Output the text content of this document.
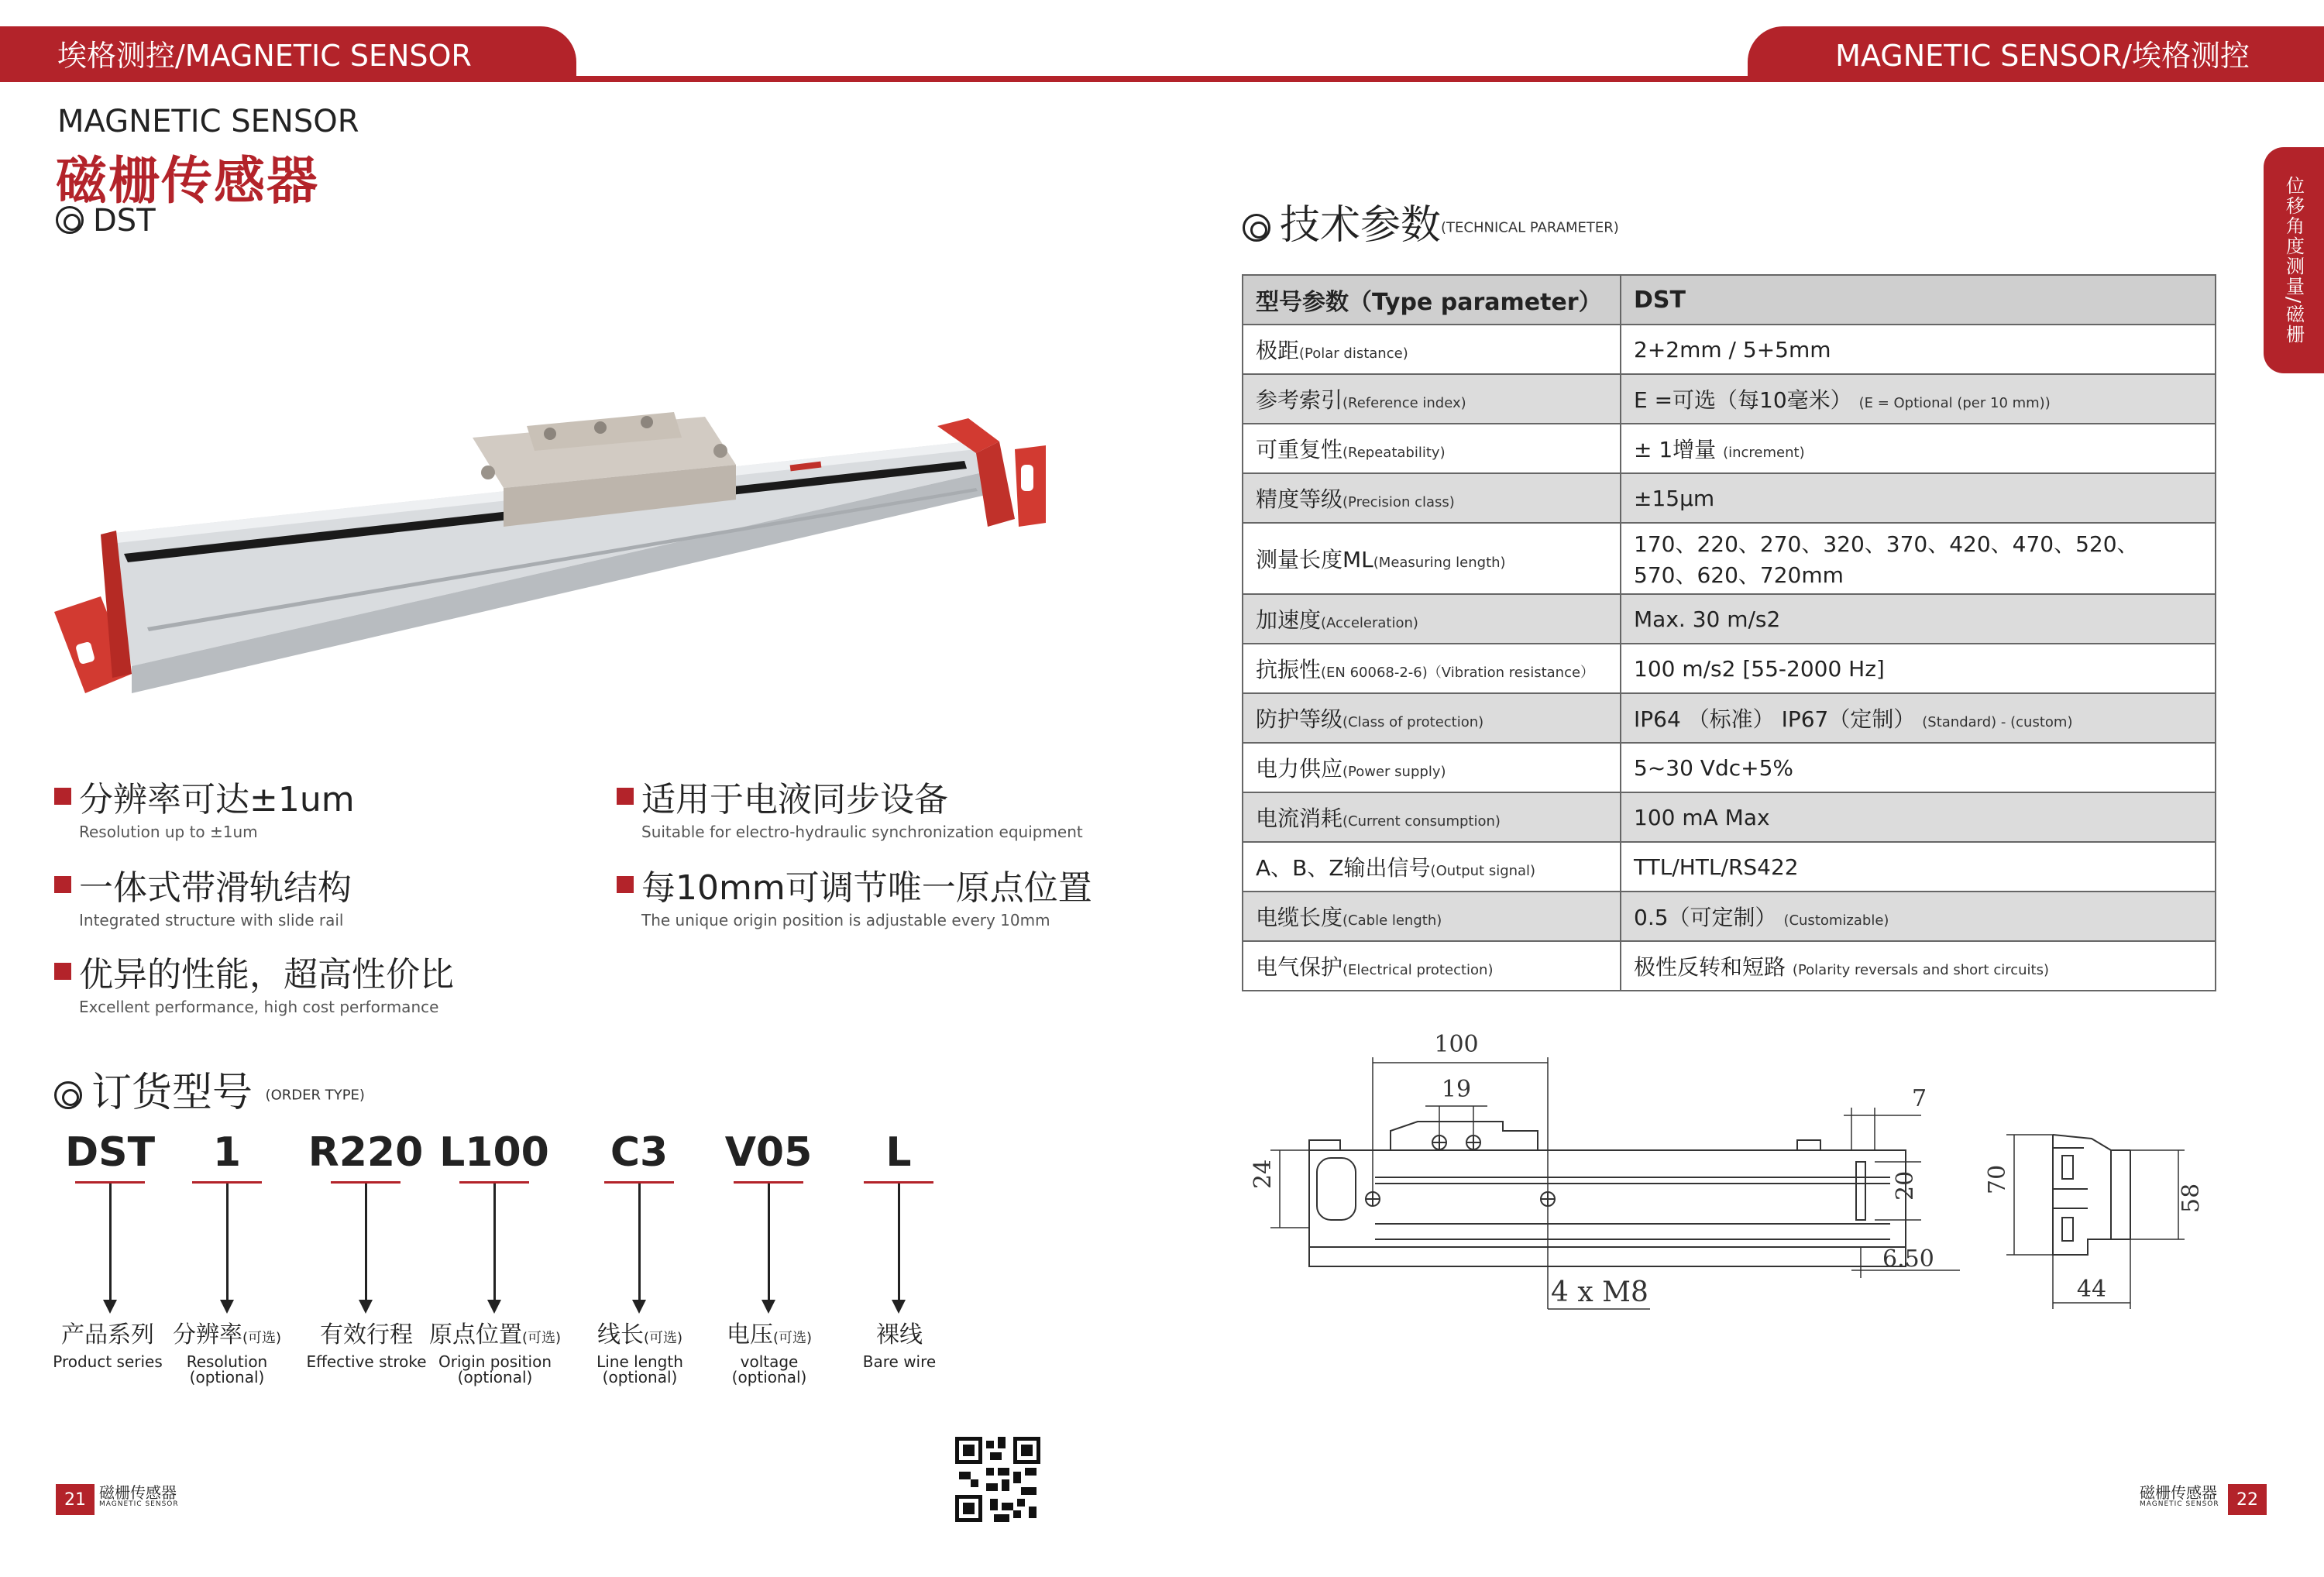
埃格测控/MAGNETIC SENSOR	MAGNETIC SENSOR/埃格测控
位移角度测量/磁栅
MAGNETIC SENSOR
磁栅传感器
DST
分辨率可达±1um
Resolution up to ±1um
适用于电液同步设备
Suitable for electro-hydraulic synchronization equipment
一体式带滑轨结构
Integrated structure with slide rail
每10mm可调节唯一原点位置
The unique origin position is adjustable every 10mm
优异的性能，超高性价比
Excellent performance, high cost performance
订货型号 (ORDER TYPE)
DST	1	R220 L100	C3	V05	L
产品系列
Product series
分辨率(可选)
Resolution
(optional)
有效行程
Effective stroke
原点位置(可选)
Origin position
(optional)
线长(可选)
Line length
(optional)
电压(可选)
voltage
(optional)
裸线
Bare wire
21 磁栅传感器
MAGNETIC SENSOR
磁栅传感器
MAGNETIC SENSOR	22
技术参数(TECHNICAL PARAMETER)
型号参数（Type parameter）	DST
极距(Polar distance)	2+2mm / 5+5mm
参考索引(Reference index)	E =可选（每10毫米） (E = Optional (per 10 mm))
可重复性(Repeatability)	± 1增量 (increment)
精度等级(Precision class)	±15μm
测量长度ML(Measuring length)	170、220、270、320、370、420、470、520、
570、620、720mm

加速度(Acceleration)	Max. 30 m/s2
抗振性(EN 60068-2-6)（Vibration resistance）	100 m/s2 [55-2000 Hz]
防护等级(Class of protection)	IP64 （标准） IP67（定制） (Standard) - (custom)
电力供应(Power supply)	5~30 Vdc+5%
电流消耗(Current consumption)	100 mA Max
A、B、Z输出信号(Output signal)	TTL/HTL/RS422
电缆长度(Cable length)	0.5（可定制） (Customizable)
电气保护(Electrical protection)	极性反转和短路 (Polarity reversals and short circuits)
100
19	7
20
6.50
24
4 x M8
70
58
44
